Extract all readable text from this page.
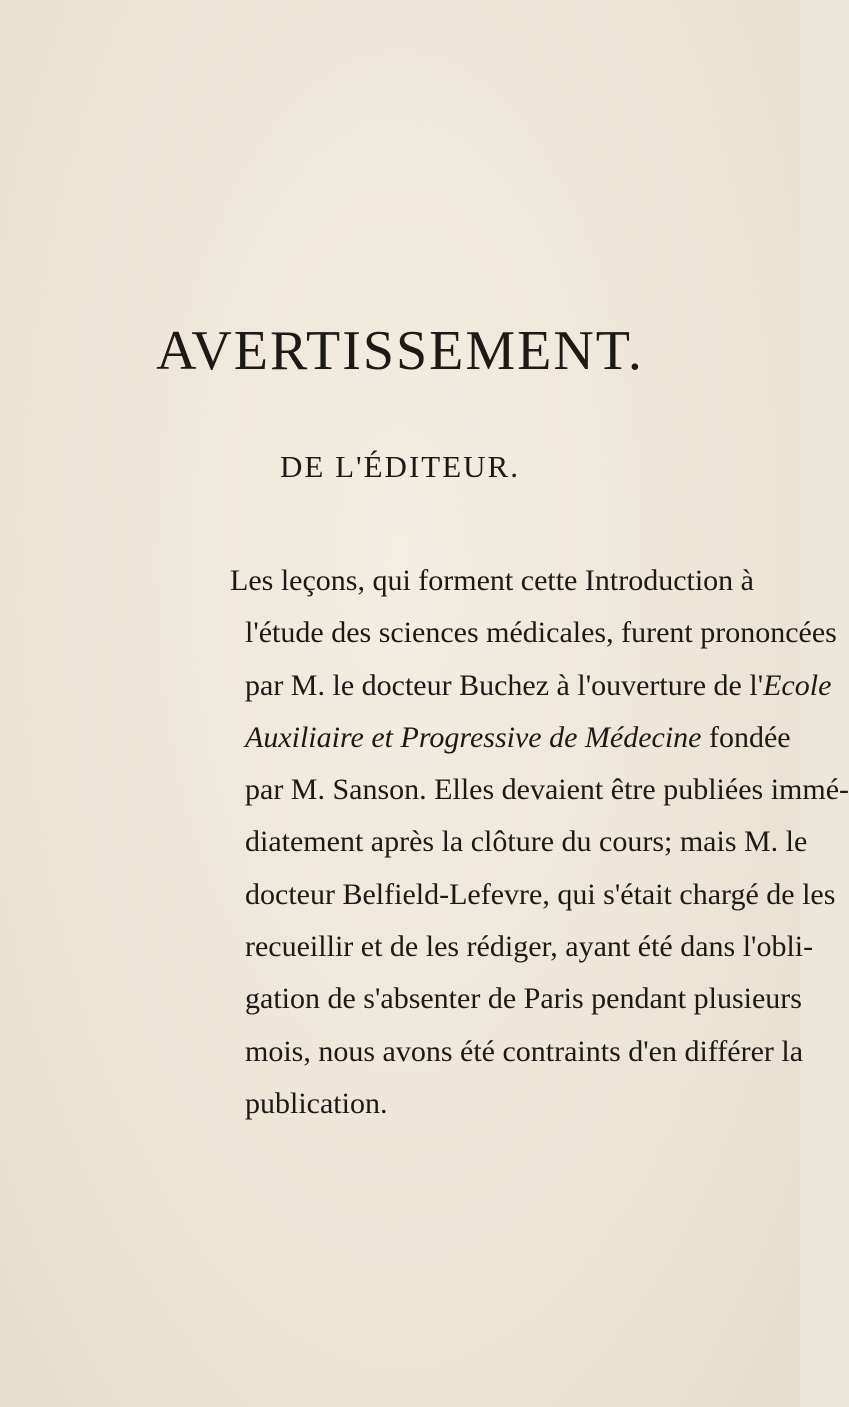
AVERTISSEMENT.
DE L'ÉDITEUR.
Les leçons, qui forment cette Introduction à
l'étude des sciences médicales, furent prononcées
par M. le docteur Buchez à l'ouverture de l'Ecole
Auxiliaire et Progressive de Médecine fondée
par M. Sanson. Elles devaient être publiées immé-
diatement après la clôture du cours; mais M. le
docteur Belfield-Lefevre, qui s'était chargé de les
recueillir et de les rédiger, ayant été dans l'obli-
gation de s'absenter de Paris pendant plusieurs
mois, nous avons été contraints d'en différer la
publication.
